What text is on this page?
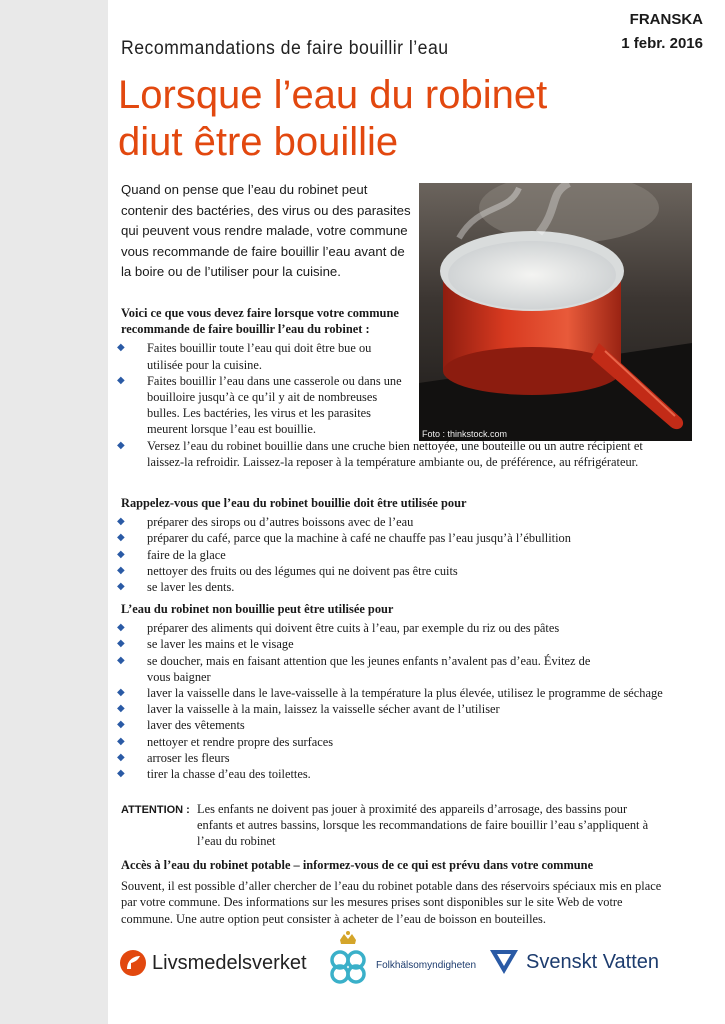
FRANSKA
1 febr. 2016
Recommandations de faire bouillir l’eau
Lorsque l’eau du robinet
diut être bouillie
Quand on pense que l’eau du robinet peut contenir des bactéries, des virus ou des parasites qui peuvent vous rendre malade, votre commune vous recommande de faire bouillir l’eau avant de la boire ou de l’utiliser pour la cuisine.
Foto : thinkstock.com
Voici ce que vous devez faire lorsque votre commune recommande de faire bouillir l’eau du robinet :
◆ Faites bouillir toute l’eau qui doit être bue ou utilisée pour la cuisine.
◆ Faites bouillir l’eau dans une casserole ou dans une bouilloire jusqu’à ce qu’il y ait de nombreuses bulles. Les bactéries, les virus et les parasites meurent lorsque l’eau est bouillie.
◆ Versez l’eau du robinet bouillie dans une cruche bien nettoyée, une bouteille ou un autre récipient et laissez-la refroidir. Laissez-la reposer à la température ambiante ou, de préférence, au réfrigérateur.
Rappelez-vous que l’eau du robinet bouillie doit être utilisée pour
◆ préparer des sirops ou d’autres boissons avec de l’eau
◆ préparer du café, parce que la machine à café ne chauffe pas l’eau jusqu’à l’ébullition
◆ faire de la glace
◆ nettoyer des fruits ou des légumes qui ne doivent pas être cuits
◆ se laver les dents.
L’eau du robinet non bouillie peut être utilisée pour
◆ préparer des aliments qui doivent être cuits à l’eau, par exemple du riz ou des pâtes
◆ se laver les mains et le visage
◆ se doucher, mais en faisant attention que les jeunes enfants n’avalent pas d’eau. Évitez de vous baigner
◆ laver la vaisselle dans le lave-vaisselle à la température la plus élevée, utilisez le programme de séchage
◆ laver la vaisselle à la main, laissez la vaisselle sécher avant de l’utiliser
◆ laver des vêtements
◆ nettoyer et rendre propre des surfaces
◆ arroser les fleurs
◆ tirer la chasse d’eau des toilettes.
ATTENTION : Les enfants ne doivent pas jouer à proximité des appareils d’arrosage, des bassins pour enfants et autres bassins, lorsque les recommandations de faire bouillir l’eau s’appliquent à l’eau du robinet
Accès à l’eau du robinet potable – informez-vous de ce qui est prévu dans votre commune
Souvent, il est possible d’aller chercher de l’eau du robinet potable dans des réservoirs spéciaux mis en place par votre commune. Des informations sur les mesures prises sont disponibles sur le site Web de votre commune. Une autre option peut consister à acheter de l’eau de boisson en bouteilles.
Livsmedelsverket	Folkhälsomyndigheten Svenskt Vatten
